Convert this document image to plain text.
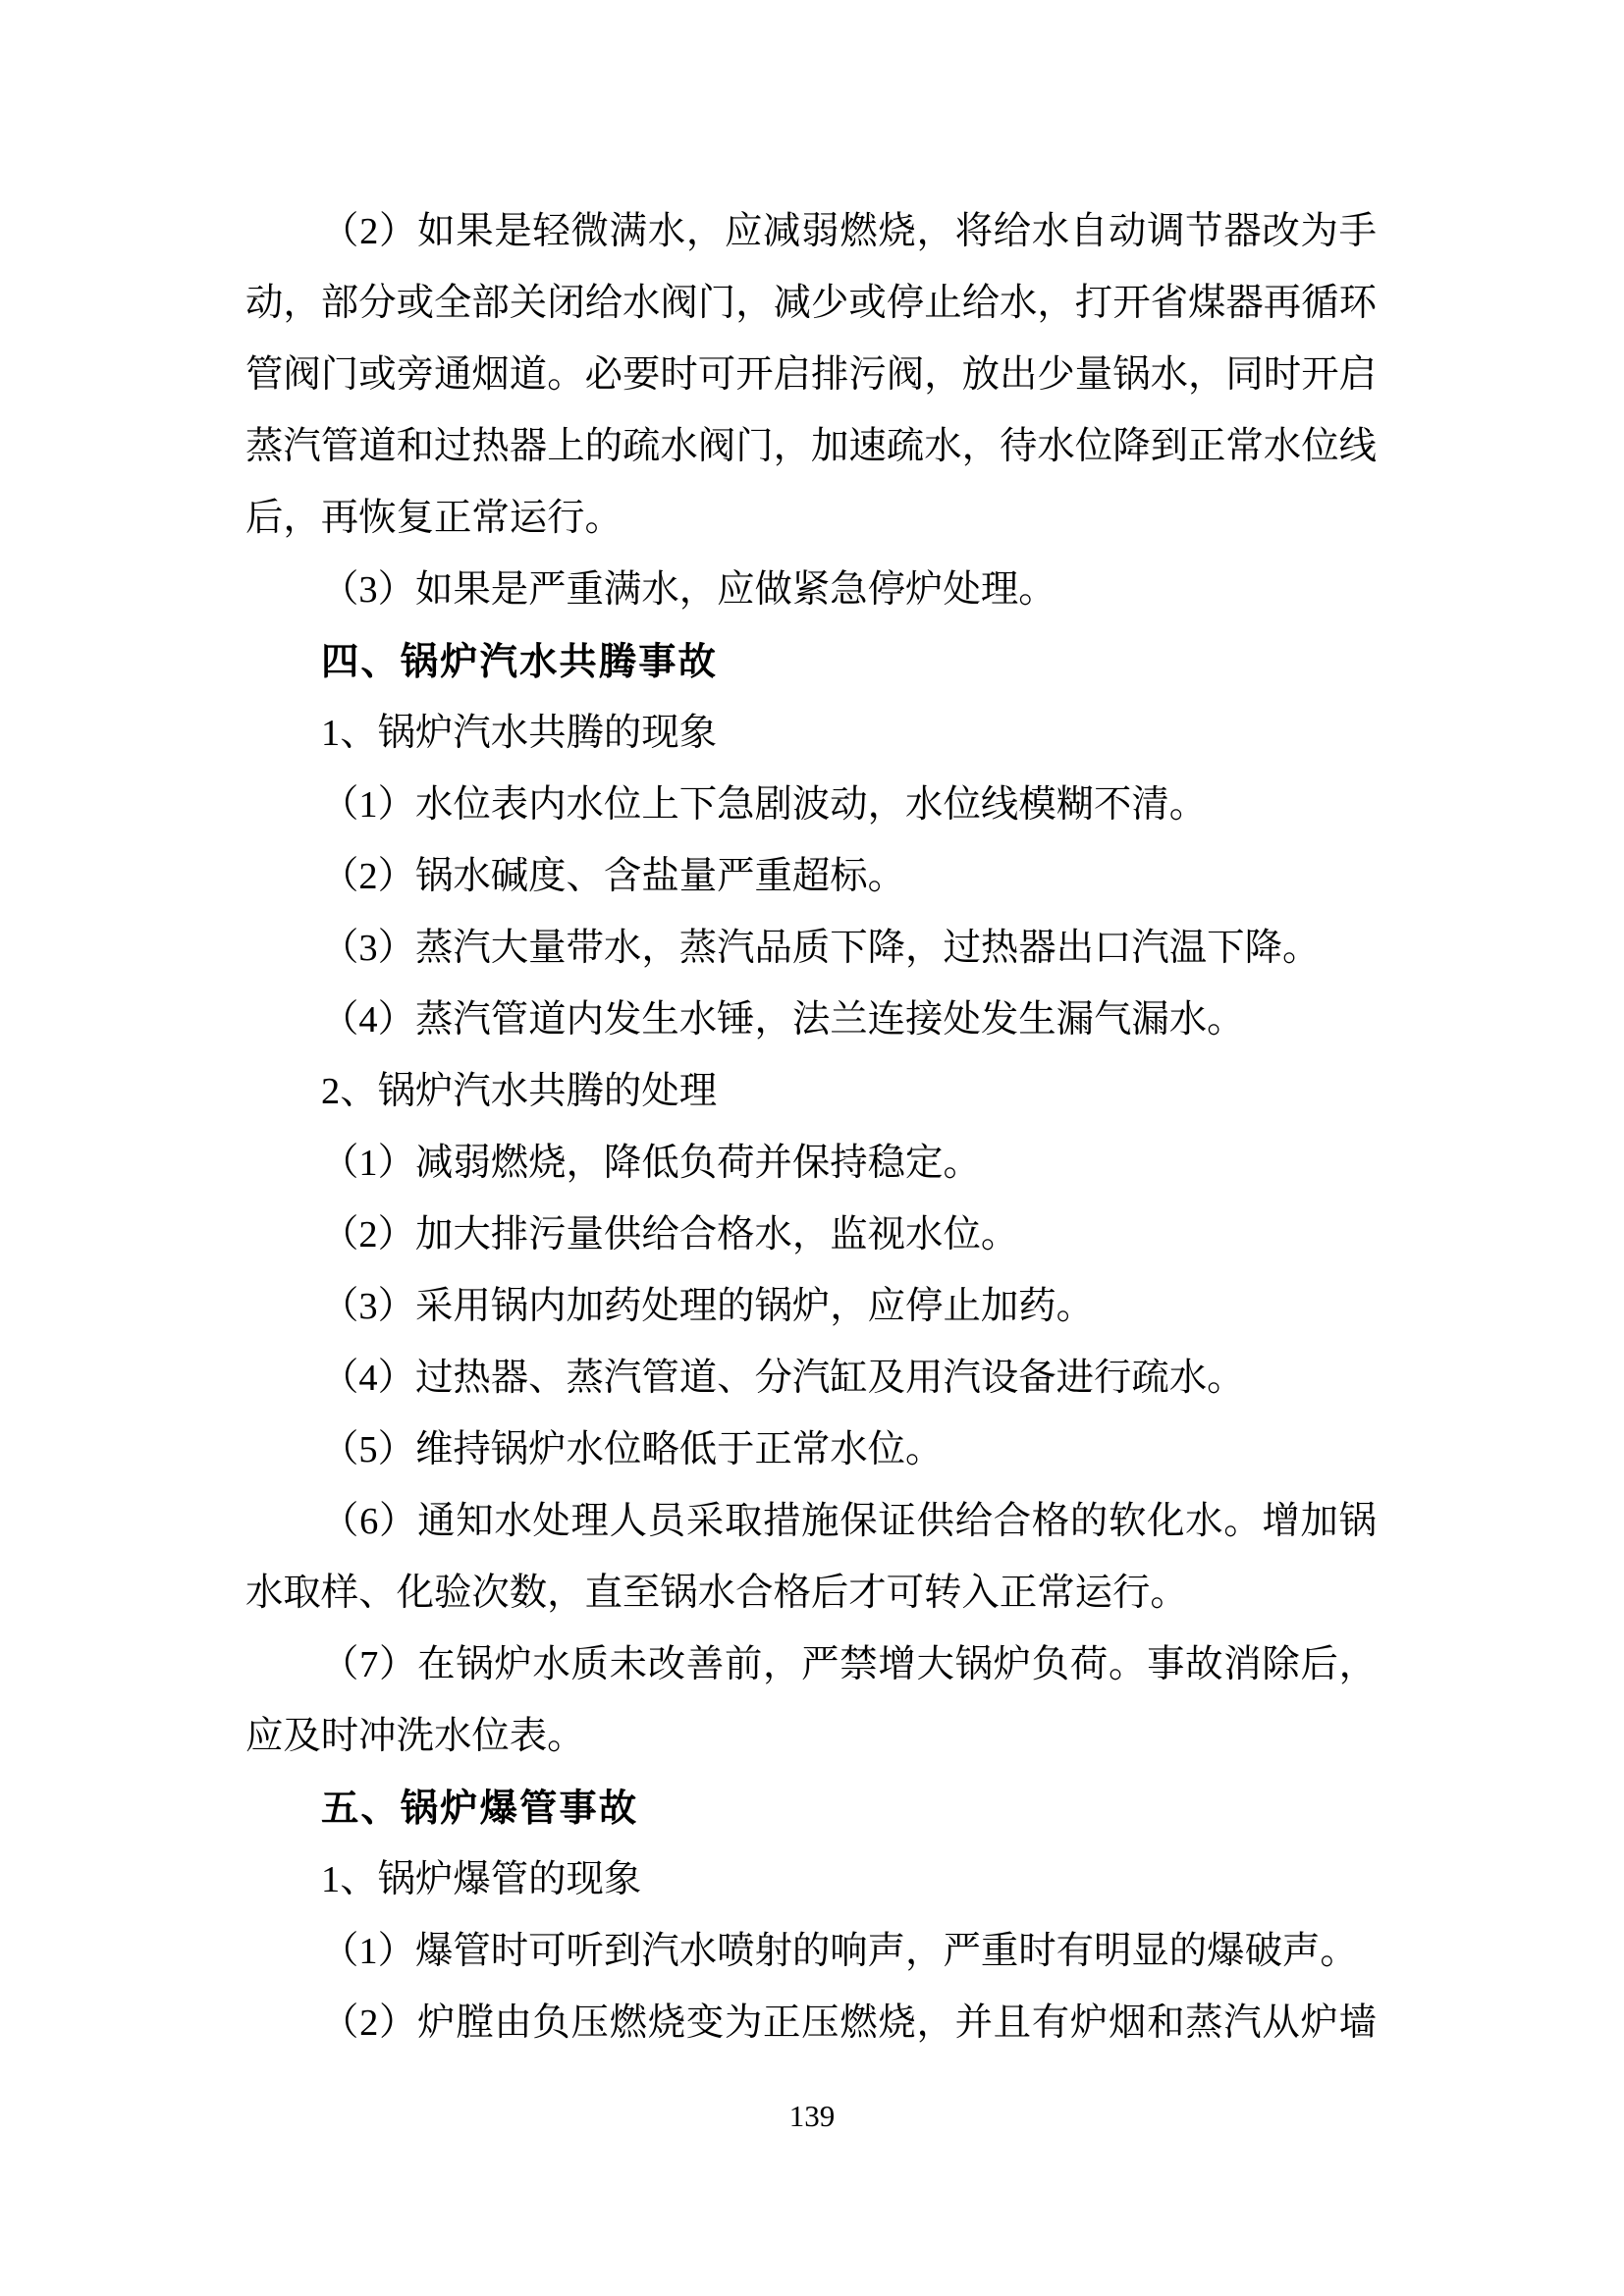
（2）如果是轻微满水，应减弱燃烧，将给水自动调节器改为手
动，部分或全部关闭给水阀门，减少或停止给水，打开省煤器再循环
管阀门或旁通烟道。必要时可开启排污阀，放出少量锅水，同时开启
蒸汽管道和过热器上的疏水阀门，加速疏水，待水位降到正常水位线
后，再恢复正常运行。
（3）如果是严重满水，应做紧急停炉处理。
四、锅炉汽水共腾事故
1、锅炉汽水共腾的现象
（1）水位表内水位上下急剧波动，水位线模糊不清。
（2）锅水碱度、含盐量严重超标。
（3）蒸汽大量带水，蒸汽品质下降，过热器出口汽温下降。
（4）蒸汽管道内发生水锤，法兰连接处发生漏气漏水。
2、锅炉汽水共腾的处理
（1）减弱燃烧，降低负荷并保持稳定。
（2）加大排污量供给合格水，监视水位。
（3）采用锅内加药处理的锅炉，应停止加药。
（4）过热器、蒸汽管道、分汽缸及用汽设备进行疏水。
（5）维持锅炉水位略低于正常水位。
（6）通知水处理人员采取措施保证供给合格的软化水。增加锅
水取样、化验次数，直至锅水合格后才可转入正常运行。
（7）在锅炉水质未改善前，严禁增大锅炉负荷。事故消除后，
应及时冲洗水位表。
五、锅炉爆管事故
1、锅炉爆管的现象
（1）爆管时可听到汽水喷射的响声，严重时有明显的爆破声。
（2）炉膛由负压燃烧变为正压燃烧，并且有炉烟和蒸汽从炉墙
139
